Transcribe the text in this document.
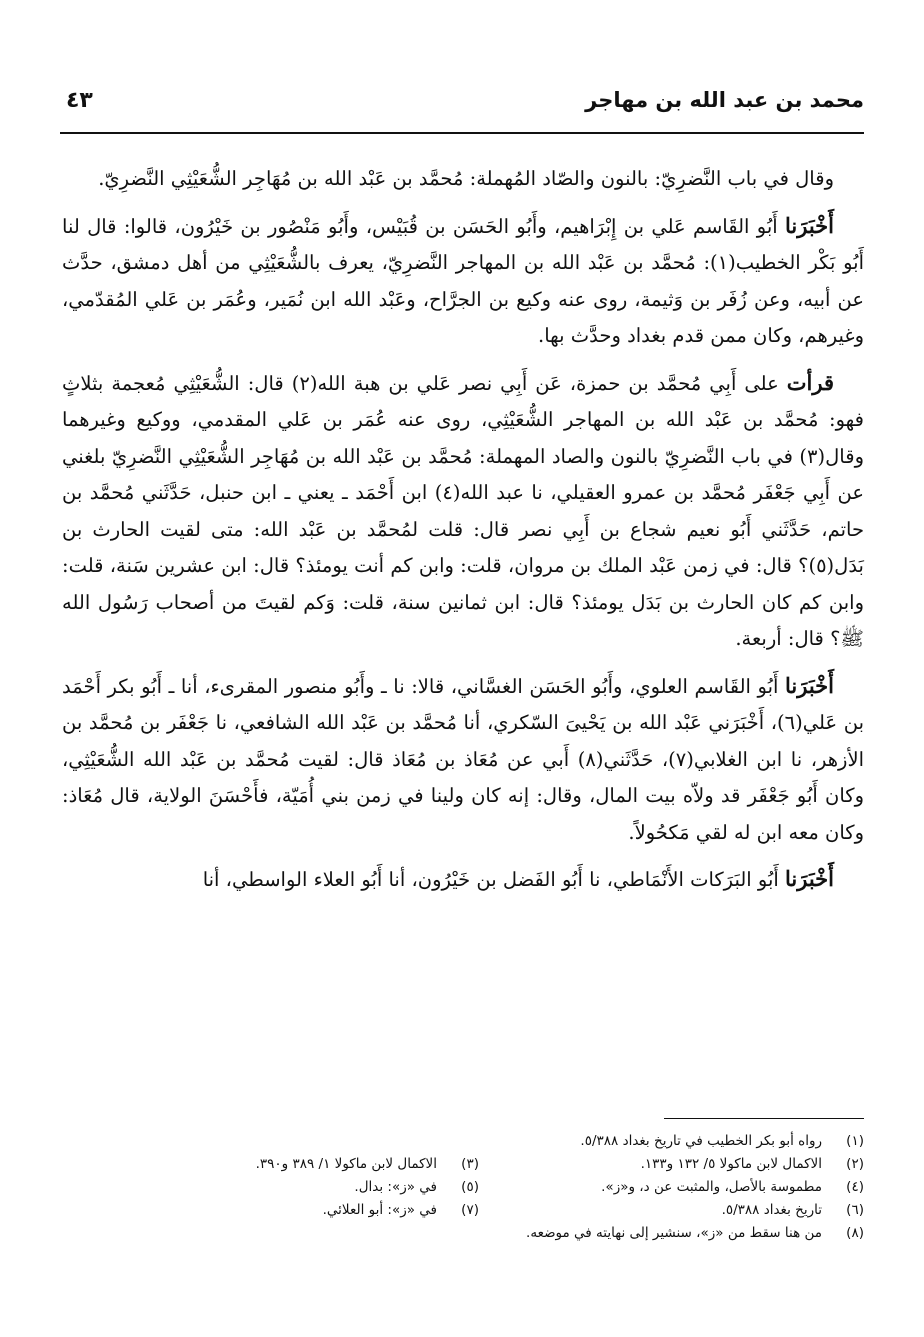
محمد بن عبد الله بن مهاجر
٤٣

وقال في باب النَّضرِيّ: بالنون والصّاد المُهملة: مُحمَّد بن عَبْد الله بن مُهَاجِر الشُّعَيْثِي النَّضرِيّ.

أَخْبَرَنا أَبُو القَاسم عَلي بن إِبْرَاهيم، وأَبُو الحَسَن بن قُبَيْس، وأَبُو مَنْصُور بن خَيْرُون، قالوا: قال لنا أَبُو بَكْر الخطيب(١): مُحمَّد بن عَبْد الله بن المهاجر النَّضرِيّ، يعرف بالشُّعَيْثِي من أهل دمشق، حدَّث عن أبيه، وعن زُفَر بن وَثيمة، روى عنه وكيع بن الجرَّاح، وعَبْد الله ابن نُمَير، وعُمَر بن عَلي المُقدّمي، وغيرهم، وكان ممن قدم بغداد وحدَّث بها.

قرأت على أَبِي مُحمَّد بن حمزة، عَن أَبِي نصر عَلي بن هبة الله(٢) قال: الشُّعَيْثِي مُعجمة بثلاثٍ فهو: مُحمَّد بن عَبْد الله بن المهاجر الشُّعَيْثِي، روى عنه عُمَر بن عَلي المقدمي، ووكيع وغيرهما وقال(٣) في باب النَّضرِيّ بالنون والصاد المهملة: مُحمَّد بن عَبْد الله بن مُهَاجِر الشُّعَيْثِي النَّضرِيّ بلغني عن أَبِي جَعْفَر مُحمَّد بن عمرو العقيلي، نا عبد الله(٤) ابن أَحْمَد ـ يعني ـ ابن حنبل، حَدَّثَني مُحمَّد بن حاتم، حَدَّثَني أَبُو نعيم شجاع بن أَبِي نصر قال: قلت لمُحمَّد بن عَبْد الله: متى لقيت الحارث بن بَدَل(٥)؟ قال: في زمن عَبْد الملك بن مروان، قلت: وابن كم أنت يومئذ؟ قال: ابن عشرين سَنة، قلت: وابن كم كان الحارث بن بَدَل يومئذ؟ قال: ابن ثمانين سنة، قلت: وَكم لقيتَ من أصحاب رَسُول الله ﷺ؟ قال: أربعة.

أَخْبَرَنا أَبُو القَاسم العلوي، وأَبُو الحَسَن الغسَّاني، قالا: نا ـ وأَبُو منصور المقرىء، أنا ـ أَبُو بكر أَحْمَد بن عَلي(٦)، أَخْبَرَني عَبْد الله بن يَحْيىَ السّكري، أنا مُحمَّد بن عَبْد الله الشافعي، نا جَعْفَر بن مُحمَّد بن الأزهر، نا ابن الغلابي(٧)، حَدَّثَني(٨) أَبي عن مُعَاذ بن مُعَاذ قال: لقيت مُحمَّد بن عَبْد الله الشُّعَيْثِي، وكان أَبُو جَعْفَر قد ولاّه بيت المال، وقال: إنه كان ولينا في زمن بني أُمَيّة، فأَحْسَنَ الولاية، قال مُعَاذ: وكان معه ابن له لقي مَكحُولاً.

أَخْبَرَنا أَبُو البَرَكات الأَنْمَاطي، نا أَبُو الفَضل بن خَيْرُون، أنا أَبُو العلاء الواسطي، أنا

(١)رواه أبو بكر الخطيب في تاريخ بغداد ٥/٣٨٨.
(٢)الاكمال لابن ماكولا ٥/ ١٣٢ و١٣٣.
(٣)الاكمال لابن ماكولا ١/ ٣٨٩ و٣٩٠.
(٤)مطموسة بالأصل، والمثبت عن د، و«ز».
(٥)في «ز»: بدال.
(٦)تاريخ بغداد ٥/٣٨٨.
(٧)في «ز»: أبو العلائي.
(٨)من هنا سقط من «ز»، سنشير إلى نهايته في موضعه.
